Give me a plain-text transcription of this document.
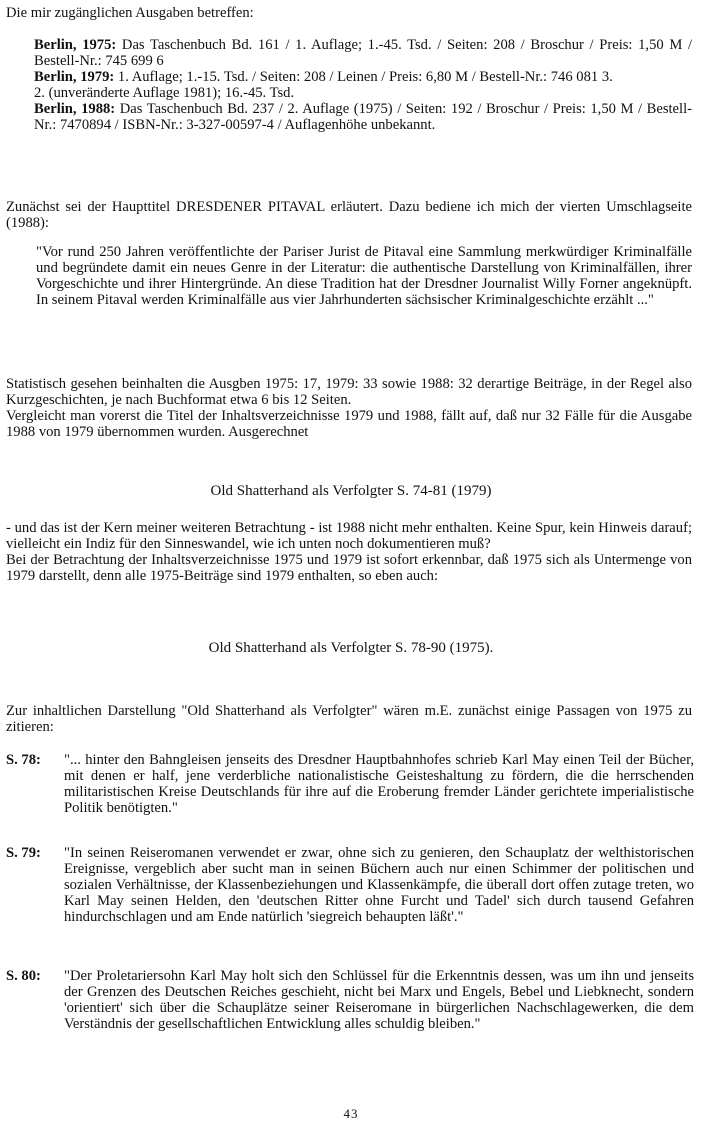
Die mir zugänglichen Ausgaben betreffen:

Berlin, 1975: Das Taschenbuch Bd. 161 / 1. Auflage; 1.-45. Tsd. / Seiten: 208 / Broschur / Preis: 1,50 M / Bestell-Nr.: 745 699 6

Berlin, 1979: 1. Auflage; 1.-15. Tsd. / Seiten: 208 / Leinen / Preis: 6,80 M / Bestell-Nr.: 746 081 3.

2. (unveränderte Auflage 1981); 16.-45. Tsd.

Berlin, 1988: Das Taschenbuch Bd. 237 / 2. Auflage (1975) / Seiten: 192 / Broschur / Preis: 1,50 M / Bestell-Nr.: 7470894 / ISBN-Nr.: 3-327-00597-4 / Auflagenhöhe unbekannt.

Zunächst sei der Haupttitel DRESDENER PITAVAL erläutert. Dazu bediene ich mich der vierten Umschlagseite (1988):

"Vor rund 250 Jahren veröffentlichte der Pariser Jurist de Pitaval eine Sammlung merkwürdiger Kriminalfälle und begründete damit ein neues Genre in der Literatur: die authentische Darstellung von Kriminalfällen, ihrer Vorgeschichte und ihrer Hintergründe. An diese Tradition hat der Dresdner Journalist Willy Forner angeknüpft. In seinem Pitaval werden Kriminalfälle aus vier Jahrhunderten sächsischer Kriminalgeschichte erzählt ..."

Statistisch gesehen beinhalten die Ausgben 1975: 17, 1979: 33 sowie 1988: 32 derartige Beiträge, in der Regel also Kurzgeschichten, je nach Buchformat etwa 6 bis 12 Seiten.

Vergleicht man vorerst die Titel der Inhaltsverzeichnisse 1979 und 1988, fällt auf, daß nur 32 Fälle für die Ausgabe 1988 von 1979 übernommen wurden. Ausgerechnet

Old Shatterhand als Verfolgter S. 74-81 (1979)

- und das ist der Kern meiner weiteren Betrachtung - ist 1988 nicht mehr enthalten. Keine Spur, kein Hinweis darauf; vielleicht ein Indiz für den Sinneswandel, wie ich unten noch dokumentieren muß?

Bei der Betrachtung der Inhaltsverzeichnisse 1975 und 1979 ist sofort erkennbar, daß 1975 sich als Untermenge von 1979 darstellt, denn alle 1975-Beiträge sind 1979 enthalten, so eben auch:

Old Shatterhand als Verfolgter S. 78-90 (1975).

Zur inhaltlichen Darstellung "Old Shatterhand als Verfolgter" wären m.E. zunächst einige Passagen von 1975 zu zitieren:

S. 78: "... hinter den Bahngleisen jenseits des Dresdner Hauptbahnhofes schrieb Karl May einen Teil der Bücher, mit denen er half, jene verderbliche nationalistische Geisteshaltung zu fördern, die die herrschenden militaristischen Kreise Deutschlands für ihre auf die Eroberung fremder Länder gerichtete imperialistische Politik benötigten."

S. 79: "In seinen Reiseromanen verwendet er zwar, ohne sich zu genieren, den Schauplatz der welthistorischen Ereignisse, vergeblich aber sucht man in seinen Büchern auch nur einen Schimmer der politischen und sozialen Verhältnisse, der Klassenbeziehungen und Klassenkämpfe, die überall dort offen zutage treten, wo Karl May seinen Helden, den 'deutschen Ritter ohne Furcht und Tadel' sich durch tausend Gefahren hindurchschlagen und am Ende natürlich 'siegreich behaupten läßt'."

S. 80: "Der Proletariersohn Karl May holt sich den Schlüssel für die Erkenntnis dessen, was um ihn und jenseits der Grenzen des Deutschen Reiches geschieht, nicht bei Marx und Engels, Bebel und Liebknecht, sondern 'orientiert' sich über die Schauplätze seiner Reiseromane in bürgerlichen Nachschlagewerken, die dem Verständnis der gesellschaftlichen Entwicklung alles schuldig bleiben."

43
